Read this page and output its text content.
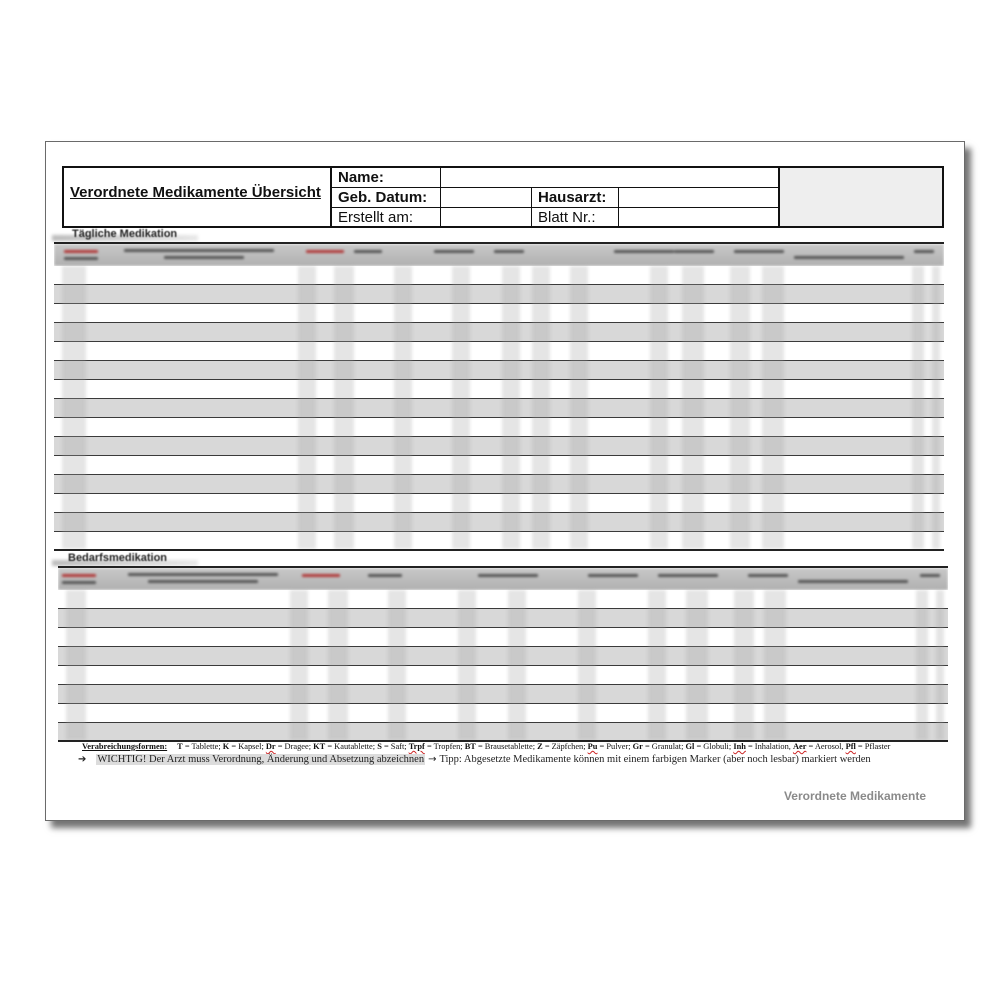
Verordnete Medikamente Übersicht
Name:
Geb. Datum:	Hausarzt:
Erstellt am:	Blatt Nr.:
Tägliche Medikation
Bedarfsmedikation
Verabreichungsformen: T = Tablette; K = Kapsel; Dr = Dragee; KT = Kautablette; S = Saft; Trpf = Tropfen; BT = Brausetablette; Z = Zäpfchen; Pu = Pulver; Gr = Granulat; Gl = Globuli; Inh = Inhalation, Aer = Aerosol, Pfl = Pflaster
➔ WICHTIG! Der Arzt muss Verordnung, Änderung und Absetzung abzeichnen → Tipp: Abgesetzte Medikamente können mit einem farbigen Marker (aber noch lesbar) markiert werden
Verordnete Medikamente
